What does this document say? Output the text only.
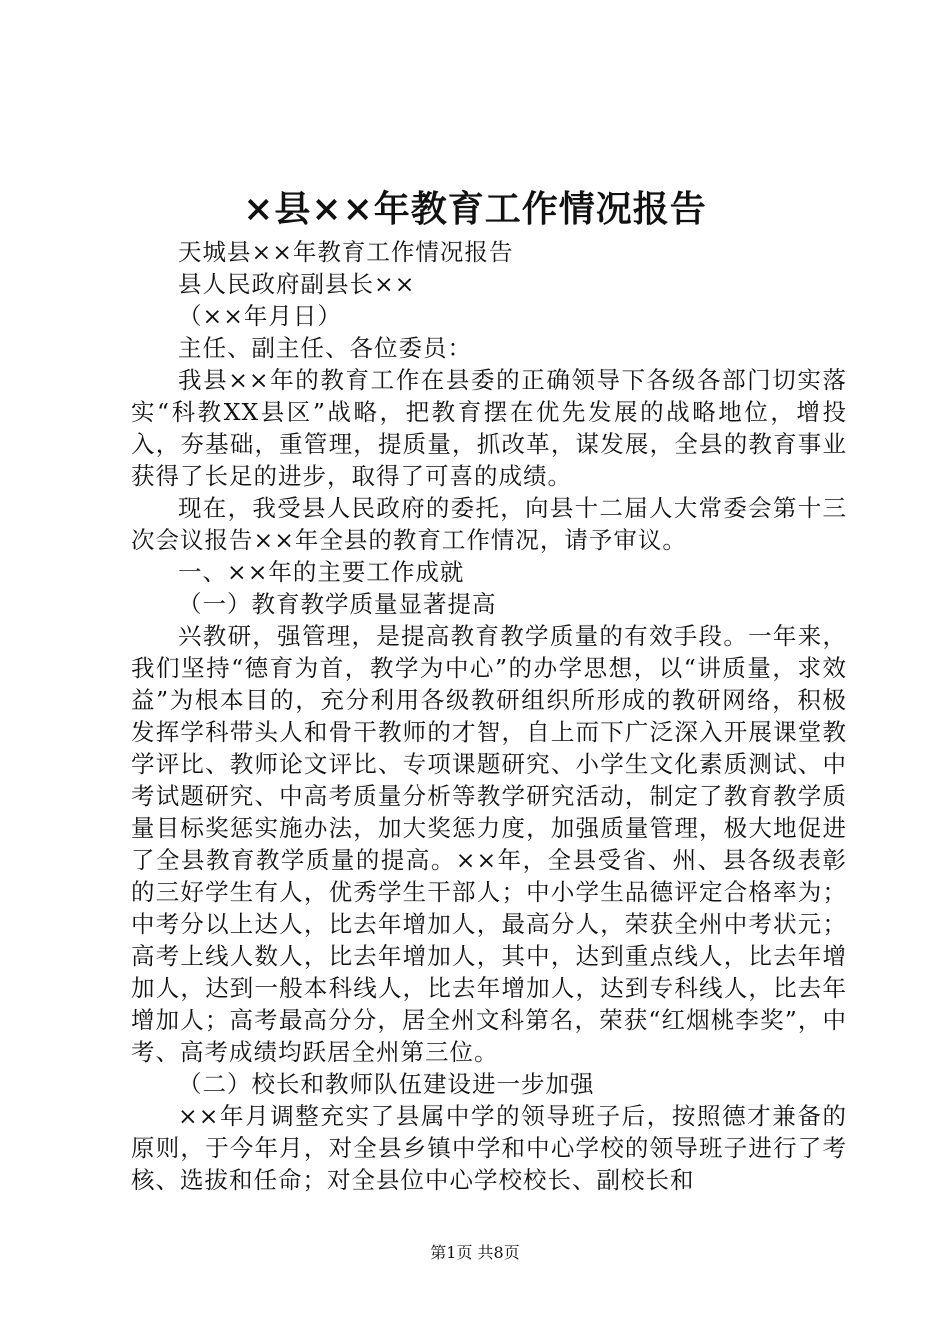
×县××年教育工作情况报告

天城县××年教育工作情况报告

县人民政府副县长××

（××年月日）

主任、副主任、各位委员：

我县××年的教育工作在县委的正确领导下各级各部门切实落实“科教XX县区”战略，把教育摆在优先发展的战略地位，增投入，夯基础，重管理，提质量，抓改革，谋发展，全县的教育事业获得了长足的进步，取得了可喜的成绩。

现在，我受县人民政府的委托，向县十二届人大常委会第十三次会议报告××年全县的教育工作情况，请予审议。

一、××年的主要工作成就

（一）教育教学质量显著提高

兴教研，强管理，是提高教育教学质量的有效手段。一年来，我们坚持“德育为首，教学为中心”的办学思想，以“讲质量，求效益”为根本目的，充分利用各级教研组织所形成的教研网络，积极发挥学科带头人和骨干教师的才智，自上而下广泛深入开展课堂教学评比、教师论文评比、专项课题研究、小学生文化素质测试、中考试题研究、中高考质量分析等教学研究活动，制定了教育教学质量目标奖惩实施办法，加大奖惩力度，加强质量管理，极大地促进了全县教育教学质量的提高。××年，全县受省、州、县各级表彰的三好学生有人，优秀学生干部人；中小学生品德评定合格率为；中考分以上达人，比去年增加人，最高分人，荣获全州中考状元；高考上线人数人，比去年增加人，其中，达到重点线人，比去年增加人，达到一般本科线人，比去年增加人，达到专科线人，比去年增加人；高考最高分分，居全州文科第名，荣获“红烟桃李奖”，中考、高考成绩均跃居全州第三位。

（二）校长和教师队伍建设进一步加强

××年月调整充实了县属中学的领导班子后，按照德才兼备的原则，于今年月，对全县乡镇中学和中心学校的领导班子进行了考核、选拔和任命；对全县位中心学校校长、副校长和

第1页 共8页
